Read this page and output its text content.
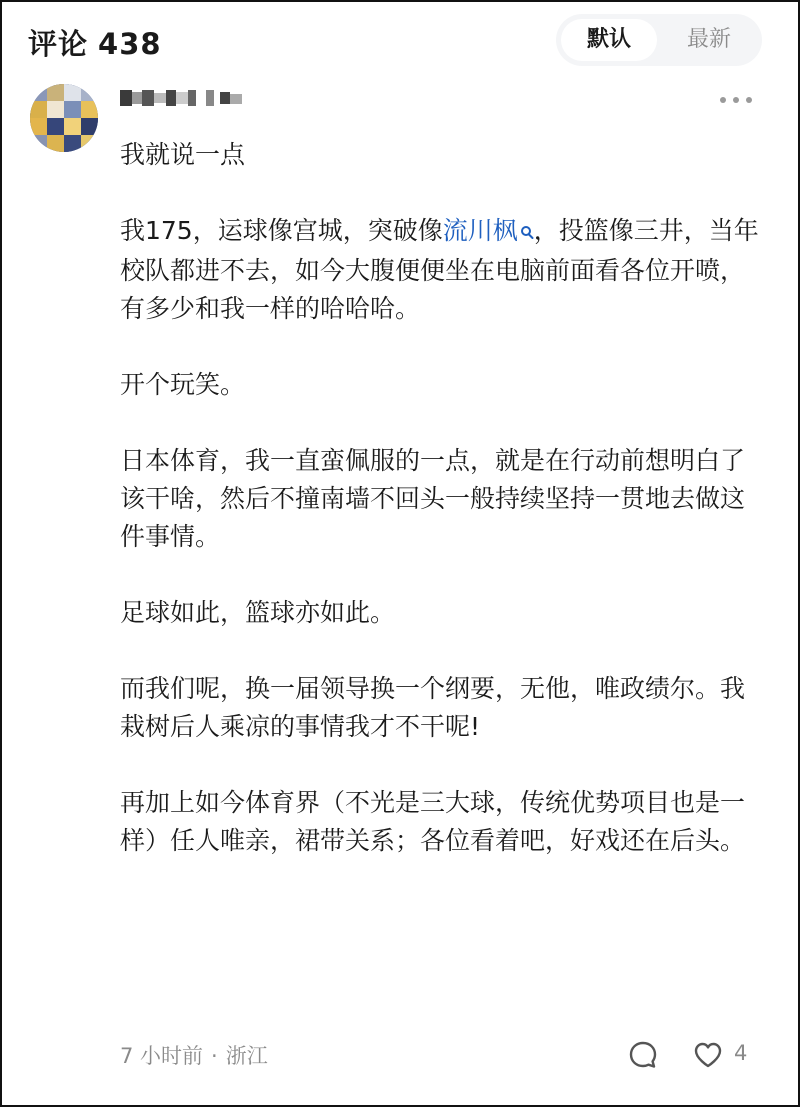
评论 438	默认	最新

我就说一点

我175，运球像宫城，突破像流川枫 ，投篮像三井，当年校队都进不去，如今大腹便便坐在电脑前面看各位开喷，有多少和我一样的哈哈哈。

开个玩笑。

日本体育，我一直蛮佩服的一点，就是在行动前想明白了该干啥，然后不撞南墙不回头一般持续坚持一贯地去做这件事情。

足球如此，篮球亦如此。

而我们呢，换一届领导换一个纲要，无他，唯政绩尔。我栽树后人乘凉的事情我才不干呢!

再加上如今体育界（不光是三大球，传统优势项目也是一样）任人唯亲，裙带关系；各位看着吧，好戏还在后头。

7 小时前 · 浙江	4
